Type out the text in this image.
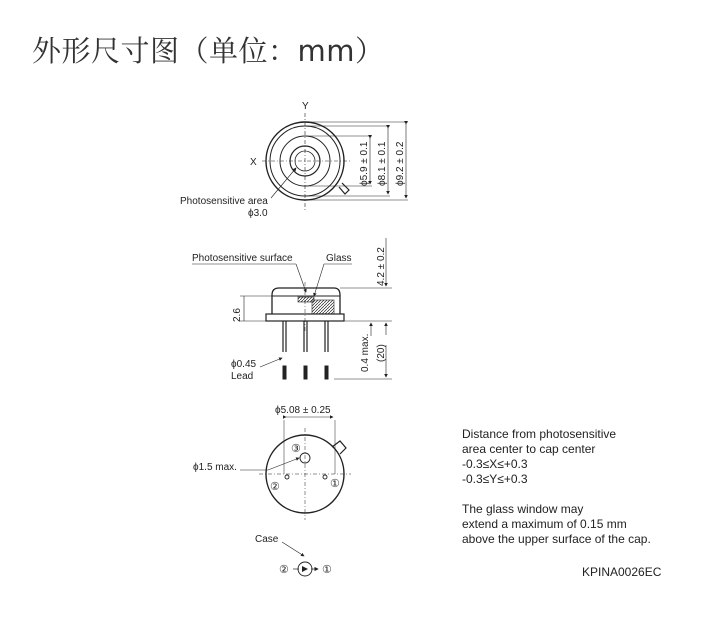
外形尺寸图（单位：mm）
Y
X	ϕ5.9 ± 0.1 ϕ8.1 ± 0.1 ϕ9.2 ± 0.2
Photosensitive area
ϕ3.0
Photosensitive surface	Glass 4.2 ± 0.2
2.6
0.4 max. (20)
ϕ0.45
Lead
ϕ5.08 ± 0.25
ϕ1.5 max.
③
②	①
Case
②	①
Distance from photosensitive
area center to cap center
-0.3≤X≤+0.3
-0.3≤Y≤+0.3
The glass window may
extend a maximum of 0.15 mm
above the upper surface of the cap.
KPINA0026EC
